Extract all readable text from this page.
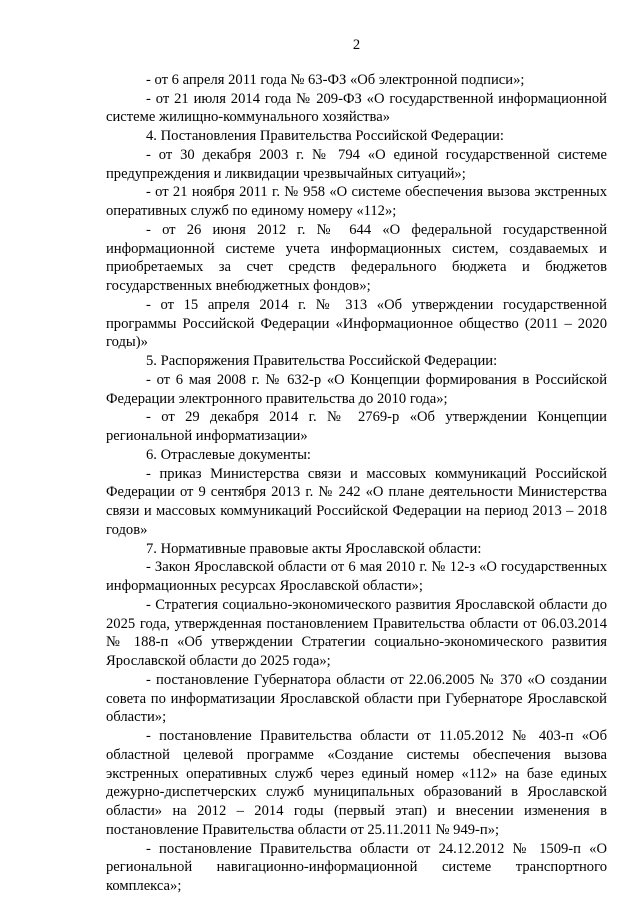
2

- от 6 апреля 2011 года № 63-ФЗ «Об электронной подписи»;

- от 21 июля 2014 года № 209-ФЗ «О государственной информационной системе жилищно-коммунального хозяйства»

4. Постановления Правительства Российской Федерации:

- от 30 декабря 2003 г. № 794 «О единой государственной системе предупреждения и ликвидации чрезвычайных ситуаций»;

- от 21 ноября 2011 г. № 958 «О системе обеспечения вызова экстренных оперативных служб по единому номеру «112»;

- от 26 июня 2012 г. № 644 «О федеральной государственной информационной системе учета информационных систем, создаваемых и приобретаемых за счет средств федерального бюджета и бюджетов государственных внебюджетных фондов»;

- от 15 апреля 2014 г. № 313 «Об утверждении государственной программы Российской Федерации «Информационное общество (2011 – 2020 годы)»

5. Распоряжения Правительства Российской Федерации:

- от 6 мая 2008 г. № 632-р «О Концепции формирования в Российской Федерации электронного правительства до 2010 года»;

- от 29 декабря 2014 г. № 2769-р «Об утверждении Концепции региональной информатизации»

6. Отраслевые документы:

- приказ Министерства связи и массовых коммуникаций Российской Федерации от 9 сентября 2013 г. № 242 «О плане деятельности Министерства связи и массовых коммуникаций Российской Федерации на период 2013 – 2018 годов»

7. Нормативные правовые акты Ярославской области:

- Закон Ярославской области от 6 мая 2010 г. № 12-з «О государственных информационных ресурсах Ярославской области»;

- Стратегия социально-экономического развития Ярославской области до 2025 года, утвержденная постановлением Правительства области от 06.03.2014 № 188-п «Об утверждении Стратегии социально-экономического развития Ярославской области до 2025 года»;

- постановление Губернатора области от 22.06.2005 № 370 «О создании совета по информатизации Ярославской области при Губернаторе Ярославской области»;

- постановление Правительства области от 11.05.2012 № 403-п «Об областной целевой программе «Создание системы обеспечения вызова экстренных оперативных служб через единый номер «112» на базе единых дежурно-диспетчерских служб муниципальных образований в Ярославской области» на 2012 – 2014 годы (первый этап) и внесении изменения в постановление Правительства области от 25.11.2011 № 949-п»;

- постановление Правительства области от 24.12.2012 № 1509-п «О региональной навигационно-информационной системе транспортного комплекса»;
